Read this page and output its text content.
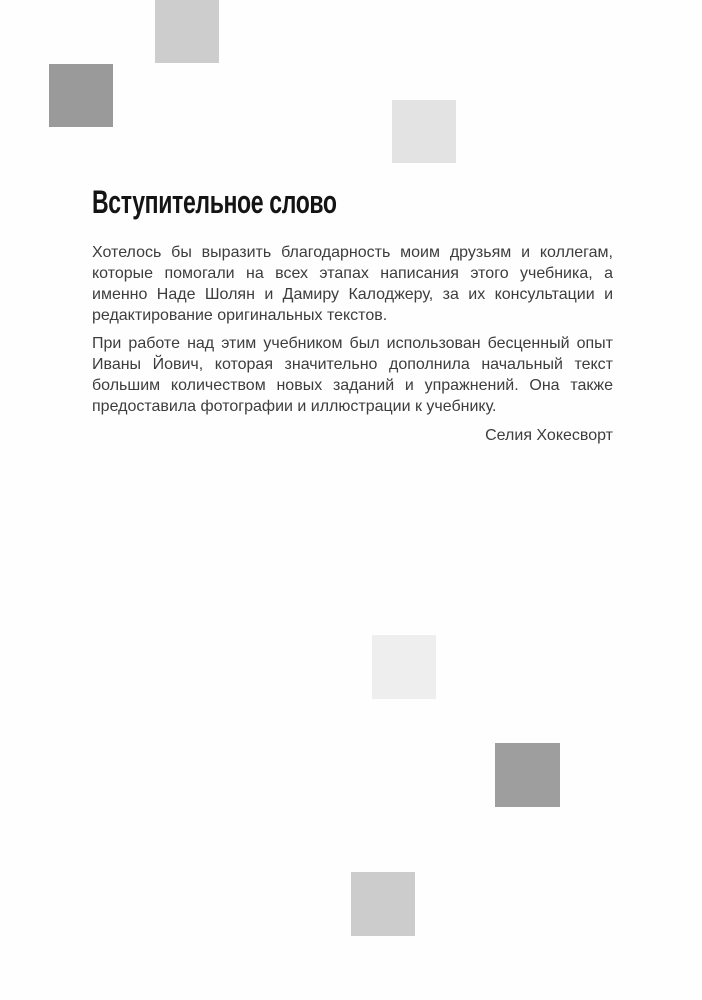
Вступительное слово

Хотелось бы выразить благодарность моим друзьям и коллегам, которые помогали на всех этапах написания этого учебника, а именно Наде Шолян и Дамиру Калоджеру, за их консультации и редактирование оригинальных текстов.

При работе над этим учебником был использован бесценный опыт Иваны Йович, которая значительно дополнила начальный текст большим количеством новых заданий и упражнений. Она также предоставила фотографии и иллюстрации к учебнику.

Селия Хокесворт
